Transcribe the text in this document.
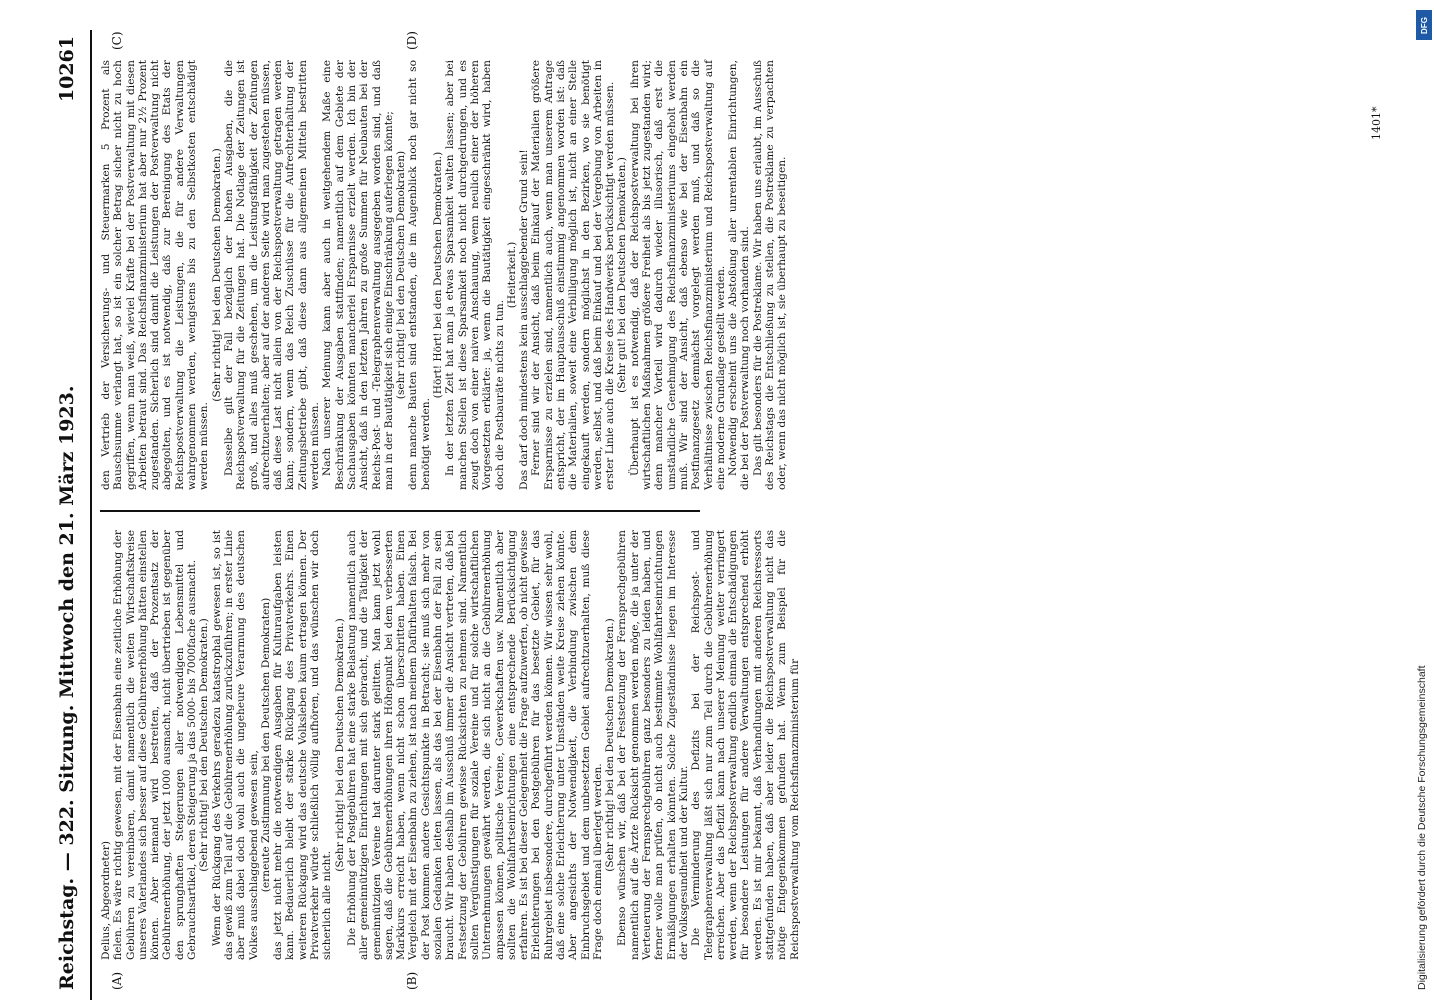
Reichstag. — 322. Sitzung. Mittwoch den 21. März 1923.
10261
(A)	(B)
(C)	(D)

Delius, Abgeordneter) fielen. Es wäre richtig gewesen, mit der Eisenbahn eine zeitliche Erhöhung der Gebühren zu vereinbaren, damit namentlich die weiten Wirtschaftskreise unseres Vaterlandes sich besser auf diese Gebührenerhöhung hätten einstellen können. Aber niemand wird bestreiten, daß der Prozentsatz der Gebührenerhöhung, der jetzt 1000 ausmacht, nicht übertrieben ist gegenüber den sprunghaften Steigerungen aller notwendigen Lebensmittel und Gebrauchsartikel, deren Steigerung ja das 5000- bis 7000fache ausmacht. (Sehr richtig! bei den Deutschen Demokraten.) Wenn der Rückgang des Verkehrs geradezu katastrophal gewesen ist, so ist das gewiß zum Teil auf die Gebührenerhöhung zurückzuführen; in erster Linie aber muß dabei doch wohl auch die ungeheure Verarmung des deutschen Volkes ausschlaggebend gewesen sein, (erneute Zustimmung bei den Deutschen Demokraten) das jetzt nicht mehr die notwendigen Ausgaben für Kulturaufgaben leisten kann. Bedauerlich bleibt der starke Rückgang des Privatverkehrs. Einen weiteren Rückgang wird das deutsche Volksleben kaum ertragen können. Der Privatverkehr würde schließlich völlig aufhören, und das wünschen wir doch sicherlich alle nicht.

(Sehr richtig! bei den Deutschen Demokraten.) Die Erhöhung der Postgebühren hat eine starke Belastung namentlich auch aller gemeinnützigen Einrichtungen mit sich gebracht, und die Tätigkeit der gemeinnützigen Vereine hat darunter stark gelitten. Man kann jetzt wohl sagen, daß die Gebührenerhöhungen ihren Höhepunkt bei dem verbesserten Markkurs erreicht haben, wenn nicht schon überschritten haben. Einen Vergleich mit der Eisenbahn zu ziehen, ist nach meinem Dafürhalten falsch. Bei der Post kommen andere Gesichtspunkte in Betracht; sie muß sich mehr von sozialen Gedanken leiten lassen, als das bei der Eisenbahn der Fall zu sein braucht. Wir haben deshalb im Ausschuß immer die Ansicht vertreten, daß bei Festsetzung der Gebühren gewisse Rücksichten zu nehmen sind. Namentlich sollten Vergünstigungen für soziale Vereine und für solche wirtschaftlichen Unternehmungen gewährt werden, die sich nicht an die Gebührenerhöhung anpassen können, politische Vereine, Gewerkschaften usw. Namentlich aber sollten die Wohlfahrtseinrichtungen eine entsprechende Berücksichtigung erfahren. Es ist bei dieser Gelegenheit die Frage aufzuwerfen, ob nicht gewisse Erleichterungen bei den Postgebühren für das besetzte Gebiet, für das Ruhrgebiet insbesondere, durchgeführt werden können. Wir wissen sehr wohl, daß eine solche Erleichterung unter Umständen weite Kreise ziehen könnte. Aber angesichts der Notwendigkeit, die Verbindung zwischen dem Einbruchsgebiet und dem unbesetzten Gebiet aufrechtzuerhalten, muß diese Frage doch einmal überlegt werden. (Sehr richtig! bei den Deutschen Demokraten.) Ebenso wünschen wir, daß bei der Festsetzung der Fernsprechgebühren namentlich auf die Ärzte Rücksicht genommen werden möge, die ja unter der Verteuerung der Fernsprechgebühren ganz besonders zu leiden haben, und ferner wolle man prüfen, ob nicht auch bestimmte Wohlfahrtseinrichtungen Ermäßigungen erhalten könnten. Solche Zugeständnisse liegen im Interesse der Volksgesundheit und der Kultur. Die Verminderung des Defizits bei der Reichspost- und Telegraphenverwaltung läßt sich nur zum Teil durch die Gebührenerhöhung erreichen. Aber das Defizit kann nach unserer Meinung weiter verringert werden, wenn der Reichspostverwaltung endlich einmal die Entschädigungen für besondere Leistungen für andere Verwaltungen entsprechend erhöht werden. Es ist mir bekannt, daß Verhandlungen mit anderen Reichsressorts stattgefunden haben, daß aber leider die Reichspostverwaltung nicht das nötige Entgegenkommen gefunden hat. Wenn zum Beispiel für die Reichspostverwaltung vom Reichsfinanzministerium für

den Vertrieb der Versicherungs- und Steuermarken 5 Prozent als Bauschsumme verlangt hat, so ist ein solcher Betrag sicher nicht zu hoch gegriffen, wenn man weiß, wieviel Kräfte bei der Postverwaltung mit diesen Arbeiten betraut sind. Das Reichsfinanzministerium hat aber nur 2½ Prozent zugestanden. Sicherlich sind damit die Leistungen der Postverwaltung nicht abgegolten, und es ist notwendig, daß zur Bereinigung des Etats der Reichspostverwaltung die Leistungen, die für andere Verwaltungen wahrgenommen werden, wenigstens bis zu den Selbstkosten entschädigt werden müssen.

(Sehr richtig! bei den Deutschen Demokraten.) Dasselbe gilt der Fall bezüglich der hohen Ausgaben, die die Reichspostverwaltung für die Zeitungen hat. Die Notlage der Zeitungen ist groß, und alles muß geschehen, um die Leistungsfähigkeit der Zeitungen aufrechtzuerhalten; aber auf der anderen Seite wird man zugestehen müssen, daß diese Last nicht allein von der Reichspostverwaltung getragen werden kann; sondern, wenn das Reich Zuschüsse für die Aufrechterhaltung der Zeitungsbetriebe gibt, daß diese dann aus allgemeinen Mitteln bestritten werden müssen. Nach unserer Meinung kann aber auch in weitgehendem Maße eine Beschränkung der Ausgaben stattfinden; namentlich auf dem Gebiete der Sachausgaben könnten mancherlei Ersparnisse erzielt werden. Ich bin der Ansicht, daß in den letzten Jahren zu große Summen für Neubauten bei der Reichs-Post- und -Telegraphenverwaltung ausgegeben worden sind, und daß man in der Bautätigkeit sich einige Einschränkung auferlegen könnte; (sehr richtig! bei den Deutschen Demokraten) denn manche Bauten sind entstanden, die im Augenblick noch gar nicht so benötigt werden.

(Hört! Hört! bei den Deutschen Demokraten.) In der letzten Zeit hat man ja etwas Sparsamkeit walten lassen; aber bei manchen Stellen ist diese Sparsamkeit noch nicht durchgedrungen, und es zeugt doch von einer naiven Anschauung, wenn neulich einer der höheren Vorgesetzten erklärte: ja, wenn die Bautätigkeit eingeschränkt wird, haben doch die Postbauräte nichts zu tun.

(Heiterkeit.) Das darf doch mindestens kein ausschlaggebender Grund sein! Ferner sind wir der Ansicht, daß beim Einkauf der Materialien größere Ersparnisse zu erzielen sind, namentlich auch, wenn man unserem Antrage entspricht, der im Hauptausschuß einstimmig angenommen worden ist: daß die Materialien, soweit eine Verbilligung möglich ist, nicht an einer Stelle eingekauft werden, sondern möglichst in den Bezirken, wo sie benötigt werden, selbst, und daß beim Einkauf und bei der Vergebung von Arbeiten in erster Linie auch die Kreise des Handwerks berücksichtigt werden müssen. (Sehr gut! bei den Deutschen Demokraten.) Überhaupt ist es notwendig, daß der Reichspostverwaltung bei ihren wirtschaftlichen Maßnahmen größere Freiheit als bis jetzt zugestanden wird; denn mancher Vorteil wird dadurch wieder illusorisch, daß erst die umständliche Genehmigung des Reichsfinanzministeriums eingeholt werden muß. Wir sind der Ansicht, daß ebenso wie bei der Eisenbahn ein Postfinanzgesetz demnächst vorgelegt werden muß, und daß so die Verhältnisse zwischen Reichsfinanzministerium und Reichspostverwaltung auf eine moderne Grundlage gestellt werden. Notwendig erscheint uns die Abstoßung aller unrentablen Einrichtungen, die bei der Postverwaltung noch vorhanden sind. Das gilt besonders für die Postreklame. Wir haben uns erlaubt, im Ausschuß des Reichstags die Entschließung zu stellen, die Postreklame zu verpachten oder, wenn das nicht möglich ist, sie überhaupt zu beseitigen.

1401*
DFG
Digitalisierung gefördert durch die Deutsche Forschungsgemeinschaft
